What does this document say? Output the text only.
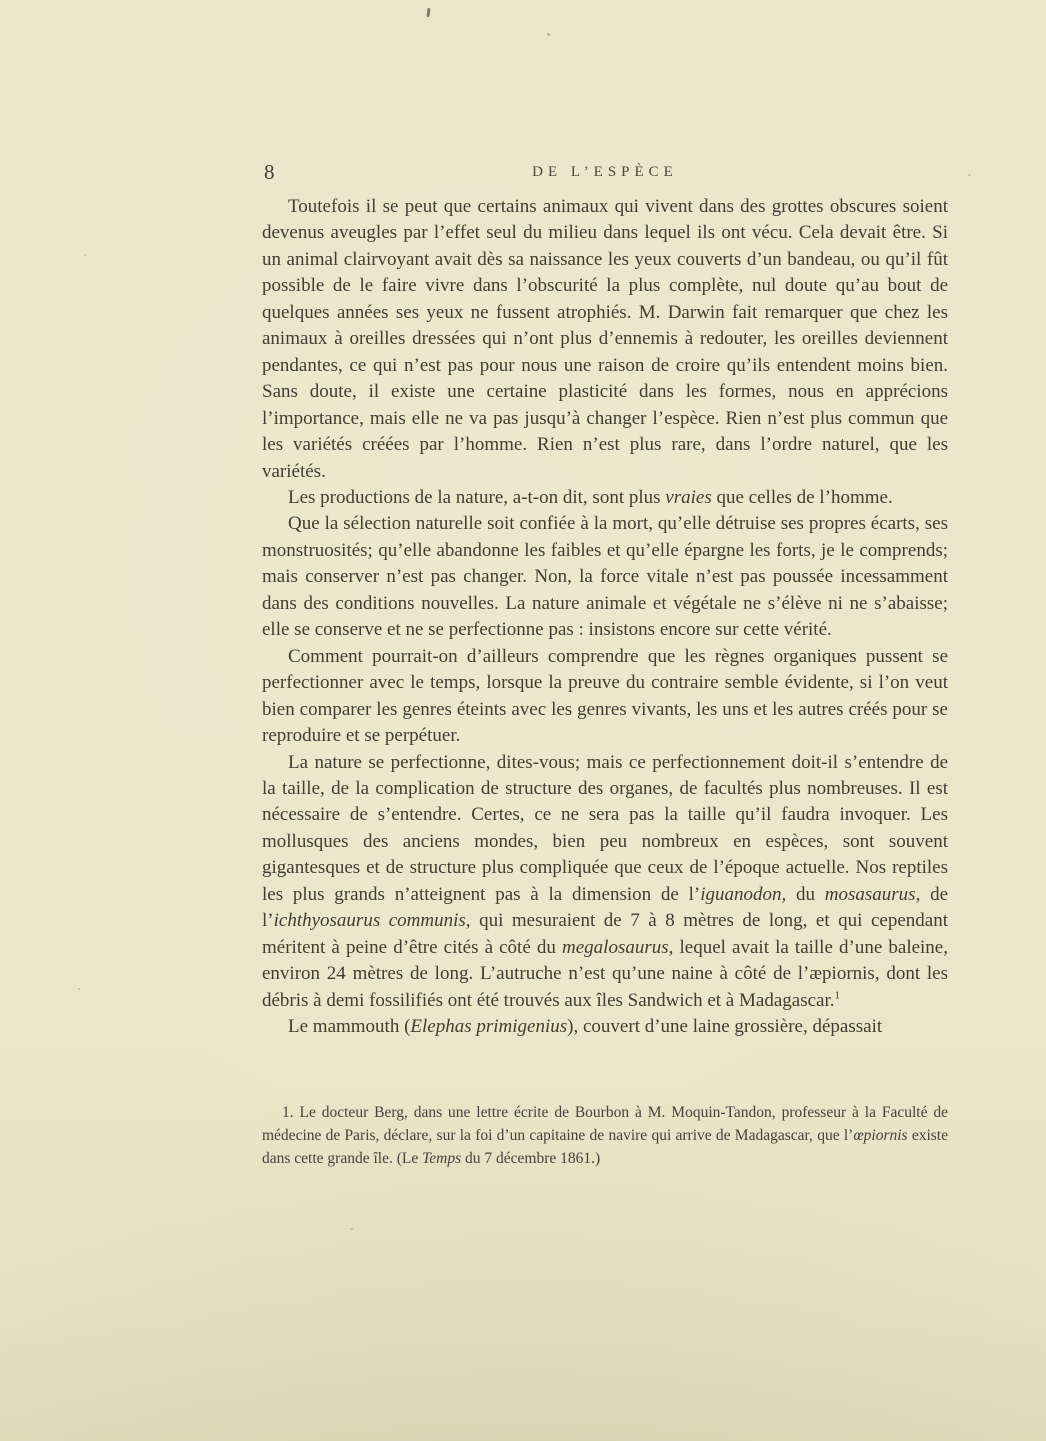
8	DE L’ESPÈCE

Toutefois il se peut que certains animaux qui vivent dans des grottes obscures soient devenus aveugles par l’effet seul du milieu dans lequel ils ont vécu. Cela devait être. Si un animal clairvoyant avait dès sa naissance les yeux couverts d’un bandeau, ou qu’il fût possible de le faire vivre dans l’obscurité la plus complète, nul doute qu’au bout de quelques années ses yeux ne fussent atrophiés. M. Darwin fait remarquer que chez les animaux à oreilles dressées qui n’ont plus d’ennemis à redouter, les oreilles deviennent pendantes, ce qui n’est pas pour nous une raison de croire qu’ils entendent moins bien. Sans doute, il existe une certaine plasticité dans les formes, nous en apprécions l’importance, mais elle ne va pas jusqu’à changer l’espèce. Rien n’est plus commun que les variétés créées par l’homme. Rien n’est plus rare, dans l’ordre naturel, que les variétés.

Les productions de la nature, a-t-on dit, sont plus vraies que celles de l’homme.

Que la sélection naturelle soit confiée à la mort, qu’elle détruise ses propres écarts, ses monstruosités; qu’elle abandonne les faibles et qu’elle épargne les forts, je le comprends; mais conserver n’est pas changer. Non, la force vitale n’est pas poussée incessamment dans des conditions nouvelles. La nature animale et végétale ne s’élève ni ne s’abaisse; elle se conserve et ne se perfectionne pas : insistons encore sur cette vérité.

Comment pourrait-on d’ailleurs comprendre que les règnes organiques pussent se perfectionner avec le temps, lorsque la preuve du contraire semble évidente, si l’on veut bien comparer les genres éteints avec les genres vivants, les uns et les autres créés pour se reproduire et se perpétuer.

La nature se perfectionne, dites-vous; mais ce perfectionnement doit-il s’entendre de la taille, de la complication de structure des organes, de facultés plus nombreuses. Il est nécessaire de s’entendre. Certes, ce ne sera pas la taille qu’il faudra invoquer. Les mollusques des anciens mondes, bien peu nombreux en espèces, sont souvent gigantesques et de structure plus compliquée que ceux de l’époque actuelle. Nos reptiles les plus grands n’atteignent pas à la dimension de l’iguanodon, du mosasaurus, de l’ichthyosaurus communis, qui mesuraient de 7 à 8 mètres de long, et qui cependant méritent à peine d’être cités à côté du megalosaurus, lequel avait la taille d’une baleine, environ 24 mètres de long. L’autruche n’est qu’une naine à côté de l’æpiornis, dont les débris à demi fossilifiés ont été trouvés aux îles Sandwich et à Madagascar.$^1$

Le mammouth (Elephas primigenius), couvert d’une laine grossière, dépassait

1. Le docteur Berg, dans une lettre écrite de Bourbon à M. Moquin-Tandon, professeur à la Faculté de médecine de Paris, déclare, sur la foi d’un capitaine de navire qui arrive de Madagascar, que l’œpiornis existe dans cette grande île. (Le Temps du 7 décembre 1861.)
